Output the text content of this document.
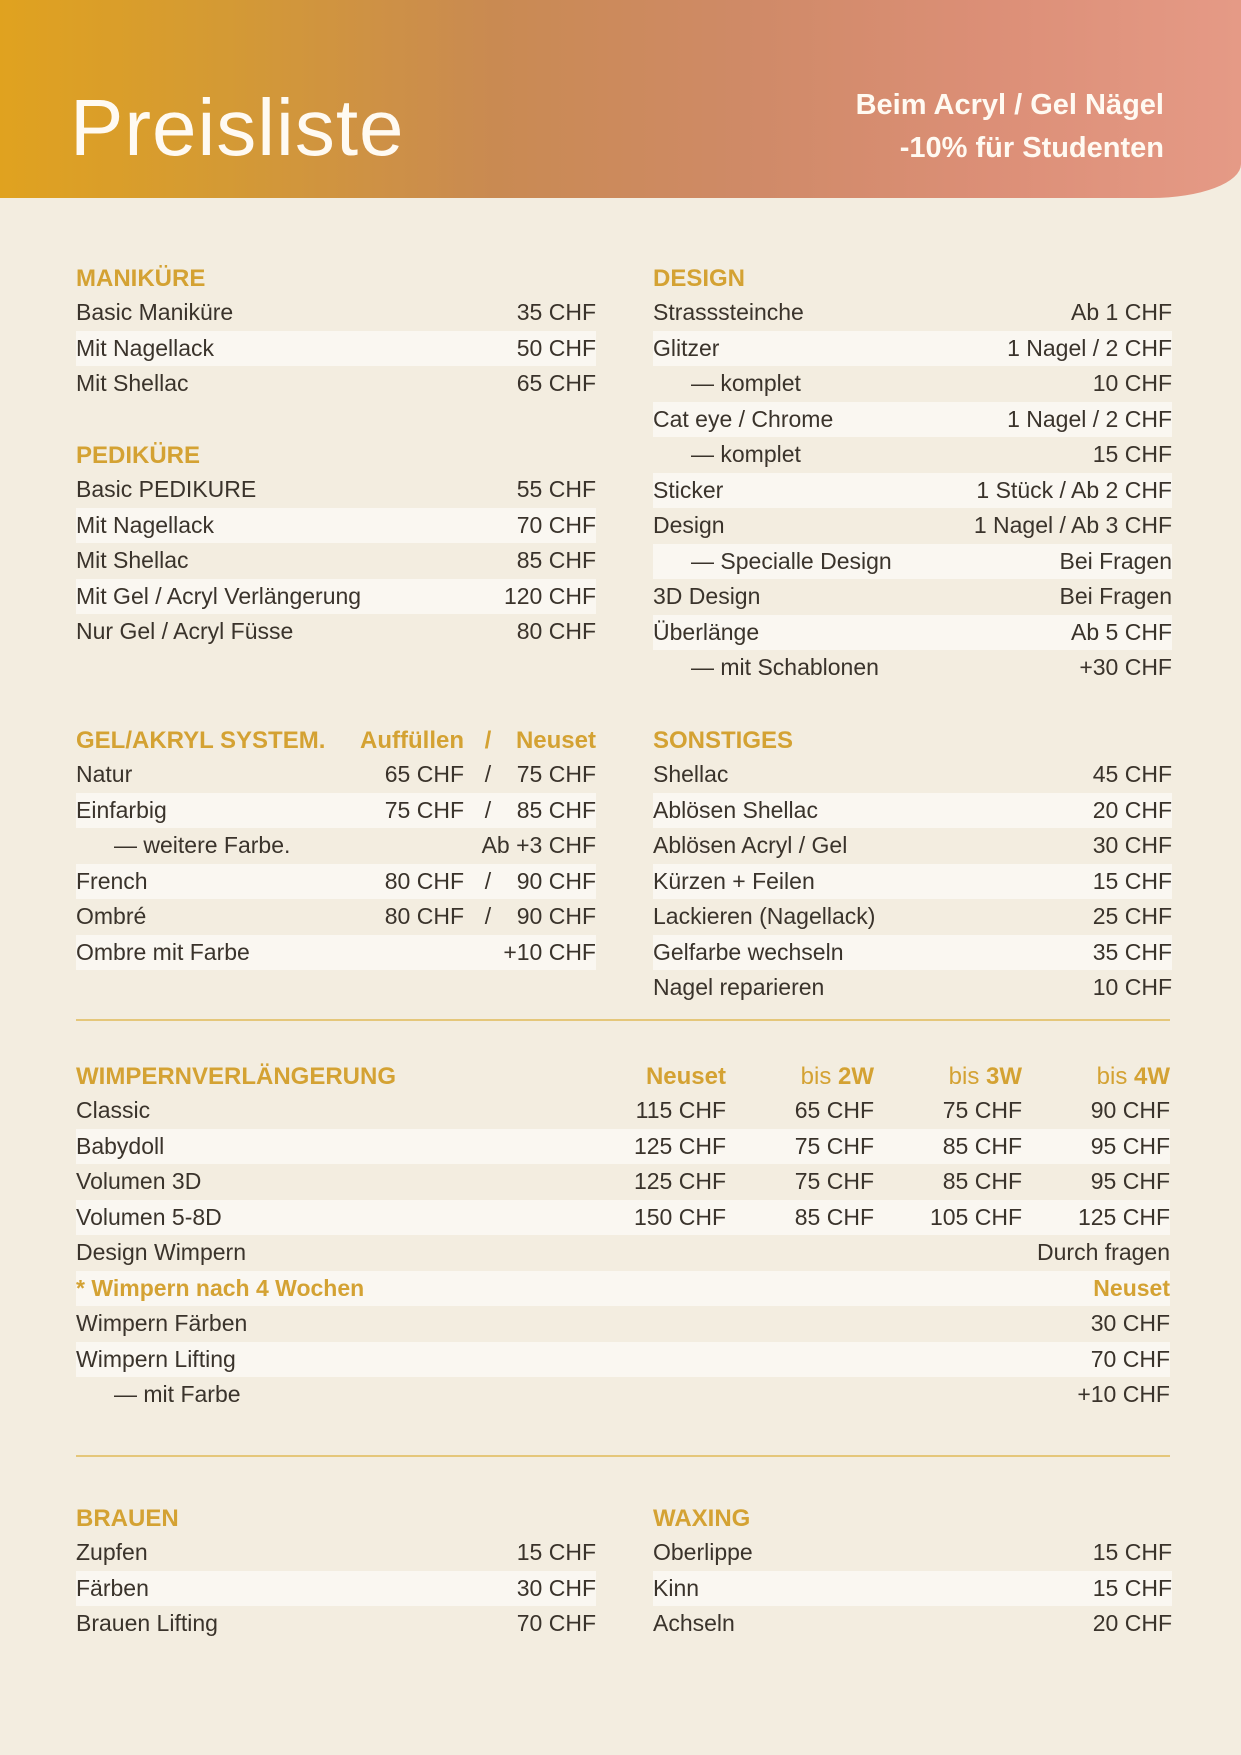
Preisliste	Beim Acryl / Gel Nägel
-10% für Studenten
MANIKÜRE
Basic Maniküre	35 CHF
Mit Nagellack	50 CHF
Mit Shellac	65 CHF
PEDIKÜRE
Basic PEDIKURE	55 CHF
Mit Nagellack	70 CHF
Mit Shellac	85 CHF
Mit Gel / Acryl Verlängerung	120 CHF
Nur Gel / Acryl Füsse	80 CHF
GEL/AKRYL SYSTEM.	Auffüllen /	Neuset
Natur	65 CHF /	75 CHF
Einfarbig	75 CHF /	85 CHF
— weitere Farbe.	Ab +3 CHF
French	80 CHF /	90 CHF
Ombré	80 CHF /	90 CHF
Ombre mit Farbe	+10 CHF
DESIGN
Strasssteinche	Ab 1 CHF
Glitzer	1 Nagel / 2 CHF
— komplet	10 CHF
Cat eye / Chrome	1 Nagel / 2 CHF
— komplet	15 CHF
Sticker	1 Stück / Ab 2 CHF
Design	1 Nagel / Ab 3 CHF
— Specialle Design	Bei Fragen
3D Design	Bei Fragen
Überlänge	Ab 5 CHF
— mit Schablonen	+30 CHF
SONSTIGES
Shellac	45 CHF
Ablösen Shellac	20 CHF
Ablösen Acryl / Gel	30 CHF
Kürzen + Feilen	15 CHF
Lackieren (Nagellack)	25 CHF
Gelfarbe wechseln	35 CHF
Nagel reparieren	10 CHF
WIMPERNVERLÄNGERUNG	Neuset	bis 2W	bis 3W	bis 4W
Classic	115 CHF	65 CHF	75 CHF	90 CHF
Babydoll	125 CHF	75 CHF	85 CHF	95 CHF
Volumen 3D	125 CHF	75 CHF	85 CHF	95 CHF
Volumen 5-8D	150 CHF	85 CHF	105 CHF	125 CHF
Design Wimpern	Durch fragen
* Wimpern nach 4 Wochen	Neuset
Wimpern Färben	30 CHF
Wimpern Lifting	70 CHF
— mit Farbe	+10 CHF
BRAUEN
Zupfen	15 CHF
Färben	30 CHF
Brauen Lifting	70 CHF
WAXING
Oberlippe	15 CHF
Kinn	15 CHF
Achseln	20 CHF
